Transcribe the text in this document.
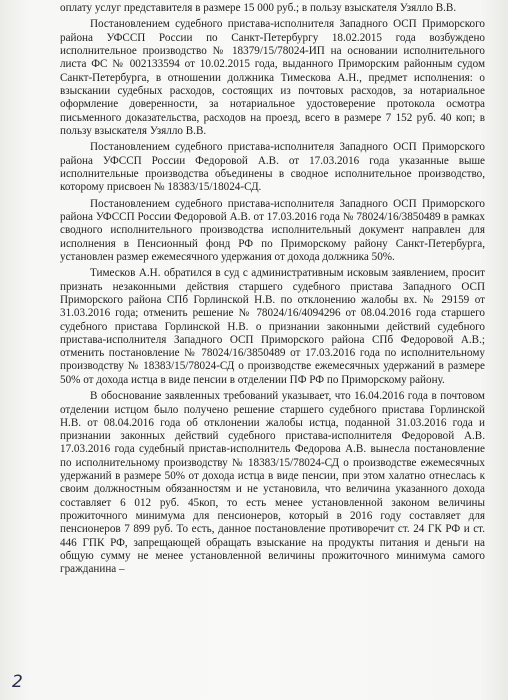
оплату услуг представителя в размере 15 000 руб.; в пользу взыскателя Узялло В.В.

Постановлением судебного пристава-исполнителя Западного ОСП Приморского района УФССП России по Санкт-Петербургу 18.02.2015 года возбуждено исполнительное производство № 18379/15/78024-ИП на основании исполнительного листа ФС № 002133594 от 10.02.2015 года, выданного Приморским районным судом Санкт-Петербурга, в отношении должника Тимескова А.Н., предмет исполнения: о взыскании судебных расходов, состоящих из почтовых расходов, за нотариальное оформление доверенности, за нотариальное удостоверение протокола осмотра письменного доказательства, расходов на проезд, всего в размере 7 152 руб. 40 коп; в пользу взыскателя Узялло В.В.

Постановлением судебного пристава-исполнителя Западного ОСП Приморского района УФССП России Федоровой А.В. от 17.03.2016 года указанные выше исполнительные производства объединены в сводное исполнительное производство, которому присвоен № 18383/15/18024-СД.

Постановлением судебного пристава-исполнителя Западного ОСП Приморского района УФССП России Федоровой А.В. от 17.03.2016 года № 78024/16/3850489 в рамках сводного исполнительного производства исполнительный документ направлен для исполнения в Пенсионный фонд РФ по Приморскому району Санкт-Петербурга, установлен размер ежемесячного удержания от дохода должника 50%.

Тимесков А.Н. обратился в суд с административным исковым заявлением, просит признать незаконными действия старшего судебного пристава Западного ОСП Приморского района СПб Горлинской Н.В. по отклонению жалобы вх. № 29159 от 31.03.2016 года; отменить решение № 78024/16/4094296 от 08.04.2016 года старшего судебного пристава Горлинской Н.В. о признании законными действий судебного пристава-исполнителя Западного ОСП Приморского района СПб Федоровой А.В.; отменить постановление № 78024/16/3850489 от 17.03.2016 года по исполнительному производству № 18383/15/78024-СД о производстве ежемесячных удержаний в размере 50% от дохода истца в виде пенсии в отделении ПФ РФ по Приморскому району.

В обоснование заявленных требований указывает, что 16.04.2016 года в почтовом отделении истцом было получено решение старшего судебного пристава Горлинской Н.В. от 08.04.2016 года об отклонении жалобы истца, поданной 31.03.2016 года и признании законных действий судебного пристава-исполнителя Федоровой А.В. 17.03.2016 года судебный пристав-исполнитель Федорова А.В. вынесла постановление по исполнительному производству № 18383/15/78024-СД о производстве ежемесячных удержаний в размере 50% от дохода истца в виде пенсии, при этом халатно отнеслась к своим должностным обязанностям и не установила, что величина указанного дохода составляет 6 012 руб. 45коп, то есть менее установленной законом величины прожиточного минимума для пенсионеров, который в 2016 году составляет для пенсионеров 7 899 руб. То есть, данное постановление противоречит ст. 24 ГК РФ и ст. 446 ГПК РФ, запрещающей обращать взыскание на продукты питания и деньги на общую сумму не менее установленной величины прожиточного минимума самого гражданина –

2
